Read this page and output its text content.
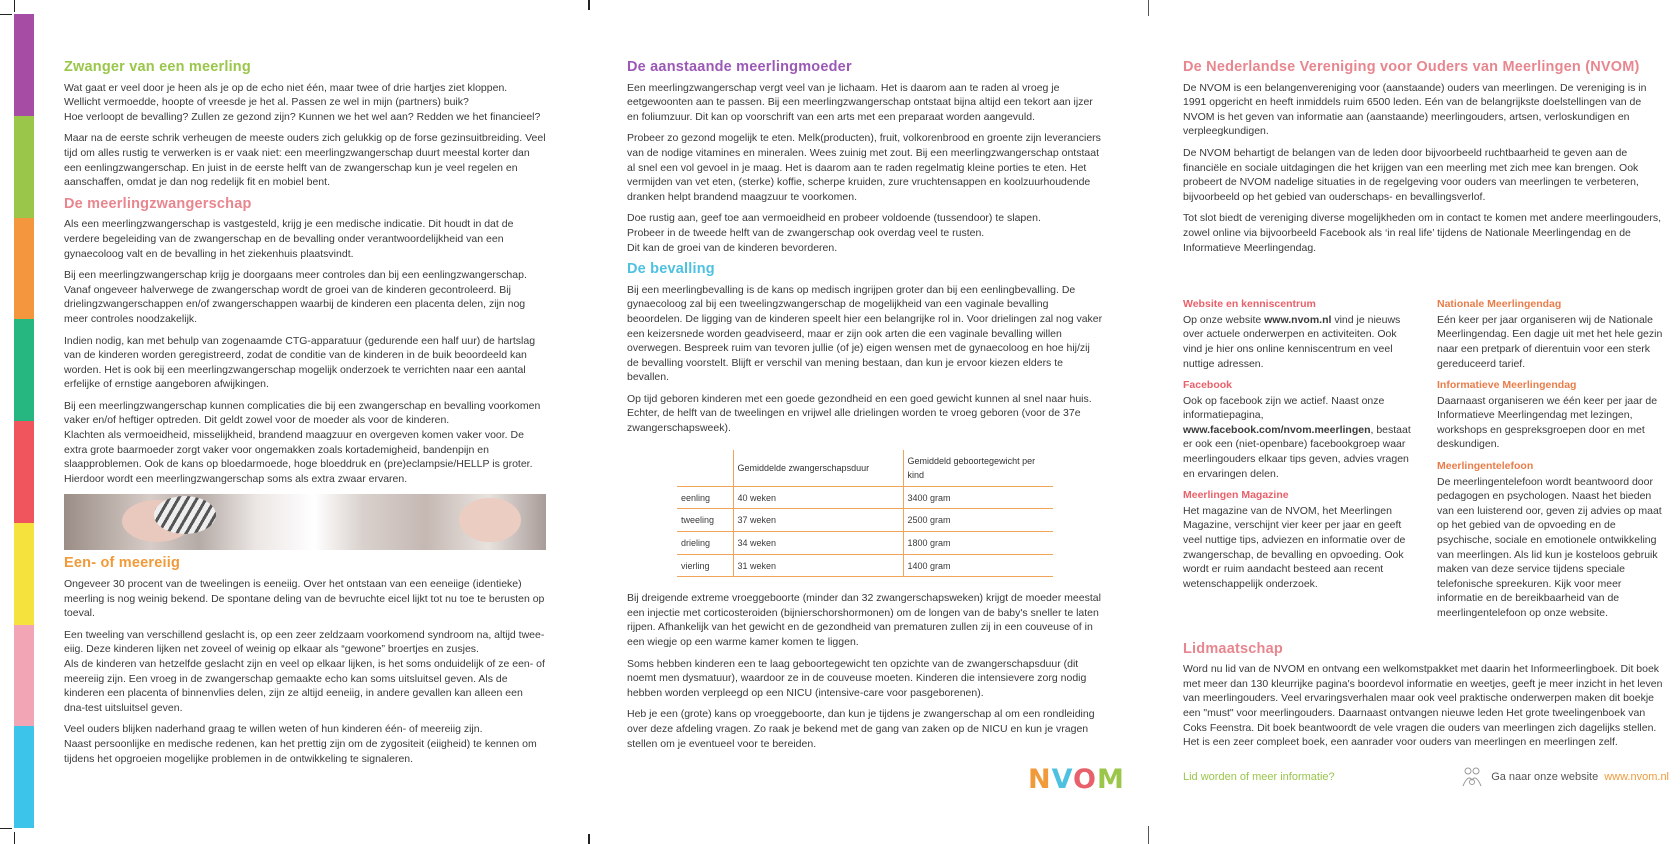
Zwanger van een meerling

Wat gaat er veel door je heen als je op de echo niet één, maar twee of drie hartjes ziet kloppen.
Wellicht vermoedde, hoopte of vreesde je het al. Passen ze wel in mijn (partners) buik?
Hoe verloopt de bevalling? Zullen ze gezond zijn? Kunnen we het wel aan? Redden we het financieel?

Maar na de eerste schrik verheugen de meeste ouders zich gelukkig op de forse gezinsuitbreiding. Veel tijd om alles rustig te verwerken is er vaak niet: een meerlingzwangerschap duurt meestal korter dan een eenlingzwangerschap. En juist in de eerste helft van de zwangerschap kun je veel regelen en aanschaffen, omdat je dan nog redelijk fit en mobiel bent.

De meerlingzwangerschap

Als een meerlingzwangerschap is vastgesteld, krijg je een medische indicatie. Dit houdt in dat de verdere begeleiding van de zwangerschap en de bevalling onder verantwoordelijkheid van een gynaecoloog valt en de bevalling in het ziekenhuis plaatsvindt.

Bij een meerlingzwangerschap krijg je doorgaans meer controles dan bij een eenlingzwangerschap. Vanaf ongeveer halverwege de zwangerschap wordt de groei van de kinderen gecontroleerd. Bij drielingzwangerschappen en/of zwangerschappen waarbij de kinderen een placenta delen, zijn nog meer controles noodzakelijk.

Indien nodig, kan met behulp van zogenaamde CTG-apparatuur (gedurende een half uur) de hartslag van de kinderen worden geregistreerd, zodat de conditie van de kinderen in de buik beoordeeld kan worden. Het is ook bij een meerlingzwangerschap mogelijk onderzoek te verrichten naar een aantal erfelijke of ernstige aangeboren afwijkingen.

Bij een meerlingzwangerschap kunnen complicaties die bij een zwangerschap en bevalling voorkomen vaker en/of heftiger optreden. Dit geldt zowel voor de moeder als voor de kinderen.
Klachten als vermoeidheid, misselijkheid, brandend maagzuur en overgeven komen vaker voor. De extra grote baarmoeder zorgt vaker voor ongemakken zoals kortademigheid, bandenpijn en slaapproblemen. Ook de kans op bloedarmoede, hoge bloeddruk en (pre)eclampsie/HELLP is groter. Hierdoor wordt een meerlingzwangerschap soms als extra zwaar ervaren.

Een- of meereiig

Ongeveer 30 procent van de tweelingen is eeneiig. Over het ontstaan van een eeneiige (identieke) meerling is nog weinig bekend. De spontane deling van de bevruchte eicel lijkt tot nu toe te berusten op toeval.

Een tweeling van verschillend geslacht is, op een zeer zeldzaam voorkomend syndroom na, altijd twee-eiig. Deze kinderen lijken net zoveel of weinig op elkaar als “gewone” broertjes en zusjes.
Als de kinderen van hetzelfde geslacht zijn en veel op elkaar lijken, is het soms onduidelijk of ze een- of meereiig zijn. Een vroeg in de zwangerschap gemaakte echo kan soms uitsluitsel geven. Als de kinderen een placenta of binnenvlies delen, zijn ze altijd eeneiig, in andere gevallen kan alleen een dna-test uitsluitsel geven.

Veel ouders blijken naderhand graag te willen weten of hun kinderen één- of meereiig zijn.
Naast persoonlijke en medische redenen, kan het prettig zijn om de zygositeit (eiigheid) te kennen om tijdens het opgroeien mogelijke problemen in de ontwikkeling te signaleren.

De aanstaande meerlingmoeder

Een meerlingzwangerschap vergt veel van je lichaam. Het is daarom aan te raden al vroeg je eetgewoonten aan te passen. Bij een meerlingzwangerschap ontstaat bijna altijd een tekort aan ijzer en foliumzuur. Dit kan op voorschrift van een arts met een preparaat worden aangevuld.

Probeer zo gezond mogelijk te eten. Melk(producten), fruit, volkorenbrood en groente zijn leveranciers van de nodige vitamines en mineralen. Wees zuinig met zout. Bij een meerlingzwangerschap ontstaat al snel een vol gevoel in je maag. Het is daarom aan te raden regelmatig kleine porties te eten. Het vermijden van vet eten, (sterke) koffie, scherpe kruiden, zure vruchtensappen en koolzuurhoudende dranken helpt brandend maagzuur te voorkomen.

Doe rustig aan, geef toe aan vermoeidheid en probeer voldoende (tussendoor) te slapen.
Probeer in de tweede helft van de zwangerschap ook overdag veel te rusten.
Dit kan de groei van de kinderen bevorderen.

De bevalling

Bij een meerlingbevalling is de kans op medisch ingrijpen groter dan bij een eenlingbevalling. De gynaecoloog zal bij een tweelingzwangerschap de mogelijkheid van een vaginale bevalling beoordelen. De ligging van de kinderen speelt hier een belangrijke rol in. Voor drielingen zal nog vaker een keizersnede worden geadviseerd, maar er zijn ook arten die een vaginale bevalling willen overwegen. Bespreek ruim van tevoren jullie (of je) eigen wensen met de gynaecoloog en hoe hij/zij de bevalling voorstelt. Blijft er verschil van mening bestaan, dan kun je ervoor kiezen elders te bevallen.

Op tijd geboren kinderen met een goede gezondheid en een goed gewicht kunnen al snel naar huis.
Echter, de helft van de tweelingen en vrijwel alle drielingen worden te vroeg geboren (voor de 37e zwangerschapsweek).

	Gemiddelde zwangerschapsduur	Gemiddeld geboortegewicht per kind
eenling	40 weken	3400 gram
tweeling	37 weken	2500 gram
drieling	34 weken	1800 gram
vierling	31 weken	1400 gram

Bij dreigende extreme vroeggeboorte (minder dan 32 zwangerschapsweken) krijgt de moeder meestal een injectie met corticosteroiden (bijnierschorshormonen) om de longen van de baby's sneller te laten rijpen. Afhankelijk van het gewicht en de gezondheid van prematuren zullen zij in een couveuse of in een wiegje op een warme kamer komen te liggen.

Soms hebben kinderen een te laag geboortegewicht ten opzichte van de zwangerschapsduur (dit noemt men dysmatuur), waardoor ze in de couveuse moeten. Kinderen die intensievere zorg nodig hebben worden verpleegd op een NICU (intensive-care voor pasgeborenen).

Heb je een (grote) kans op vroeggeboorte, dan kun je tijdens je zwangerschap al om een rondleiding over deze afdeling vragen. Zo raak je bekend met de gang van zaken op de NICU en kun je vragen stellen om je eventueel voor te bereiden.

NVOM
De Nederlandse Vereniging voor Ouders van Meerlingen (NVOM)

De NVOM is een belangenvereniging voor (aanstaande) ouders van meerlingen. De vereniging is in 1991 opgericht en heeft inmiddels ruim 6500 leden. Eén van de belangrijkste doelstellingen van de NVOM is het geven van informatie aan (aanstaande) meerlingouders, artsen, verloskundigen en verpleegkundigen.

De NVOM behartigt de belangen van de leden door bijvoorbeeld ruchtbaarheid te geven aan de financiële en sociale uitdagingen die het krijgen van een meerling met zich mee kan brengen. Ook probeert de NVOM nadelige situaties in de regelgeving voor ouders van meerlingen te verbeteren, bijvoorbeeld op het gebied van ouderschaps- en bevallingsverlof.

Tot slot biedt de vereniging diverse mogelijkheden om in contact te komen met andere meerlingouders, zowel online via bijvoorbeeld Facebook als ‘in real life’ tijdens de Nationale Meerlingendag en de Informatieve Meerlingendag.

Website en kenniscentrum

Op onze website www.nvom.nl vind je nieuws over actuele onderwerpen en activiteiten. Ook vind je hier ons online kenniscentrum en veel nuttige adressen.

Facebook

Ook op facebook zijn we actief. Naast onze informatiepagina, www.facebook.com/nvom.meerlingen, bestaat er ook een (niet-openbare) facebookgroep waar meerlingouders elkaar tips geven, advies vragen en ervaringen delen.

Meerlingen Magazine

Het magazine van de NVOM, het Meerlingen Magazine, verschijnt vier keer per jaar en geeft veel nuttige tips, adviezen en informatie over de zwangerschap, de bevalling en opvoeding. Ook wordt er ruim aandacht besteed aan recent wetenschappelijk onderzoek.

Nationale Meerlingendag

Eén keer per jaar organiseren wij de Nationale Meerlingendag. Een dagje uit met het hele gezin naar een pretpark of dierentuin voor een sterk gereduceerd tarief.

Informatieve Meerlingendag

Daarnaast organiseren we één keer per jaar de Informatieve Meerlingendag met lezingen, workshops en gespreksgroepen door en met deskundigen.

Meerlingentelefoon

De meerlingentelefoon wordt beantwoord door pedagogen en psychologen. Naast het bieden van een luisterend oor, geven zij advies op maat op het gebied van de opvoeding en de psychische, sociale en emotionele ontwikkeling van meerlingen. Als lid kun je kosteloos gebruik maken van deze service tijdens speciale telefonische spreekuren. Kijk voor meer informatie en de bereikbaarheid van de meerlingentelefoon op onze website.

Lidmaatschap

Word nu lid van de NVOM en ontvang een welkomstpakket met daarin het Informeerlingboek. Dit boek met meer dan 130 kleurrijke pagina's boordevol informatie en weetjes, geeft je meer inzicht in het leven van meerlingouders. Veel ervaringsverhalen maar ook veel praktische onderwerpen maken dit boekje een "must" voor meerlingouders. Daarnaast ontvangen nieuwe leden Het grote tweelingenboek van Coks Feenstra. Dit boek beantwoordt de vele vragen die ouders van meerlingen zich dagelijks stellen. Het is een zeer compleet boek, een aanrader voor ouders van meerlingen en meerlingen zelf.

Lid worden of meer informatie?	Ga naar onze website www.nvom.nl
